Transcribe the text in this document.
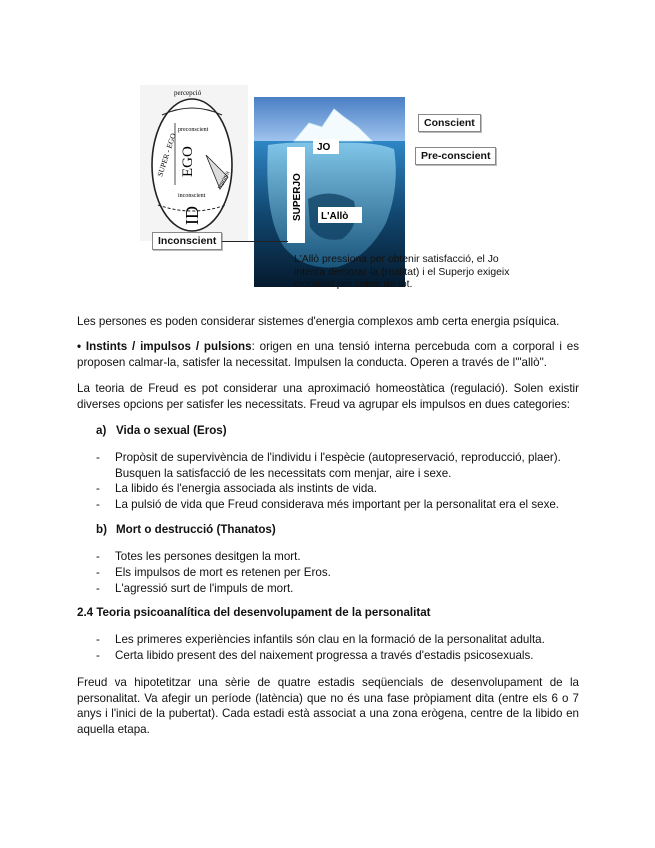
percepció
SUPER - EGO EGO
ID
preconscient
reprimit
inconscient	SUPERJO
JO
L'Allò
Conscient
Pre-conscient
Inconscient
L'Allò pressiona per obtenir satisfacció, el Jo intenta demorar-la (realitat) i el Superjo exigeix moralitat per sobre de tot.
Les persones es poden considerar sistemes d'energia complexos amb certa energia psíquica.
• Instints / impulsos / pulsions: origen en una tensió interna percebuda com a corporal i es proposen calmar-la, satisfer la necessitat. Impulsen la conducta. Operen a través de l'"allò".
La teoria de Freud es pot considerar una aproximació homeostàtica (regulació). Solen existir diverses opcions per satisfer les necessitats. Freud va agrupar els impulsos en dues categories:
a) Vida o sexual (Eros)
-	Propòsit de supervivència de l'individu i l'espècie (autopreservació, reproducció, plaer). Busquen la satisfacció de les necessitats com menjar, aire i sexe.
-	La libido és l'energia associada als instints de vida.
-	La pulsió de vida que Freud considerava més important per la personalitat era el sexe.
b) Mort o destrucció (Thanatos)
-	Totes les persones desitgen la mort.
-	Els impulsos de mort es retenen per Eros.
-	L'agressió surt de l'impuls de mort.
2.4 Teoria psicoanalítica del desenvolupament de la personalitat
-	Les primeres experiències infantils són clau en la formació de la personalitat adulta.
-	Certa libido present des del naixement progressa a través d'estadis psicosexuals.
Freud va hipotetitzar una sèrie de quatre estadis seqüencials de desenvolupament de la personalitat. Va afegir un període (latència) que no és una fase pròpiament dita (entre els 6 o 7 anys i l'inici de la pubertat). Cada estadi està associat a una zona erògena, centre de la libido en aquella etapa.
